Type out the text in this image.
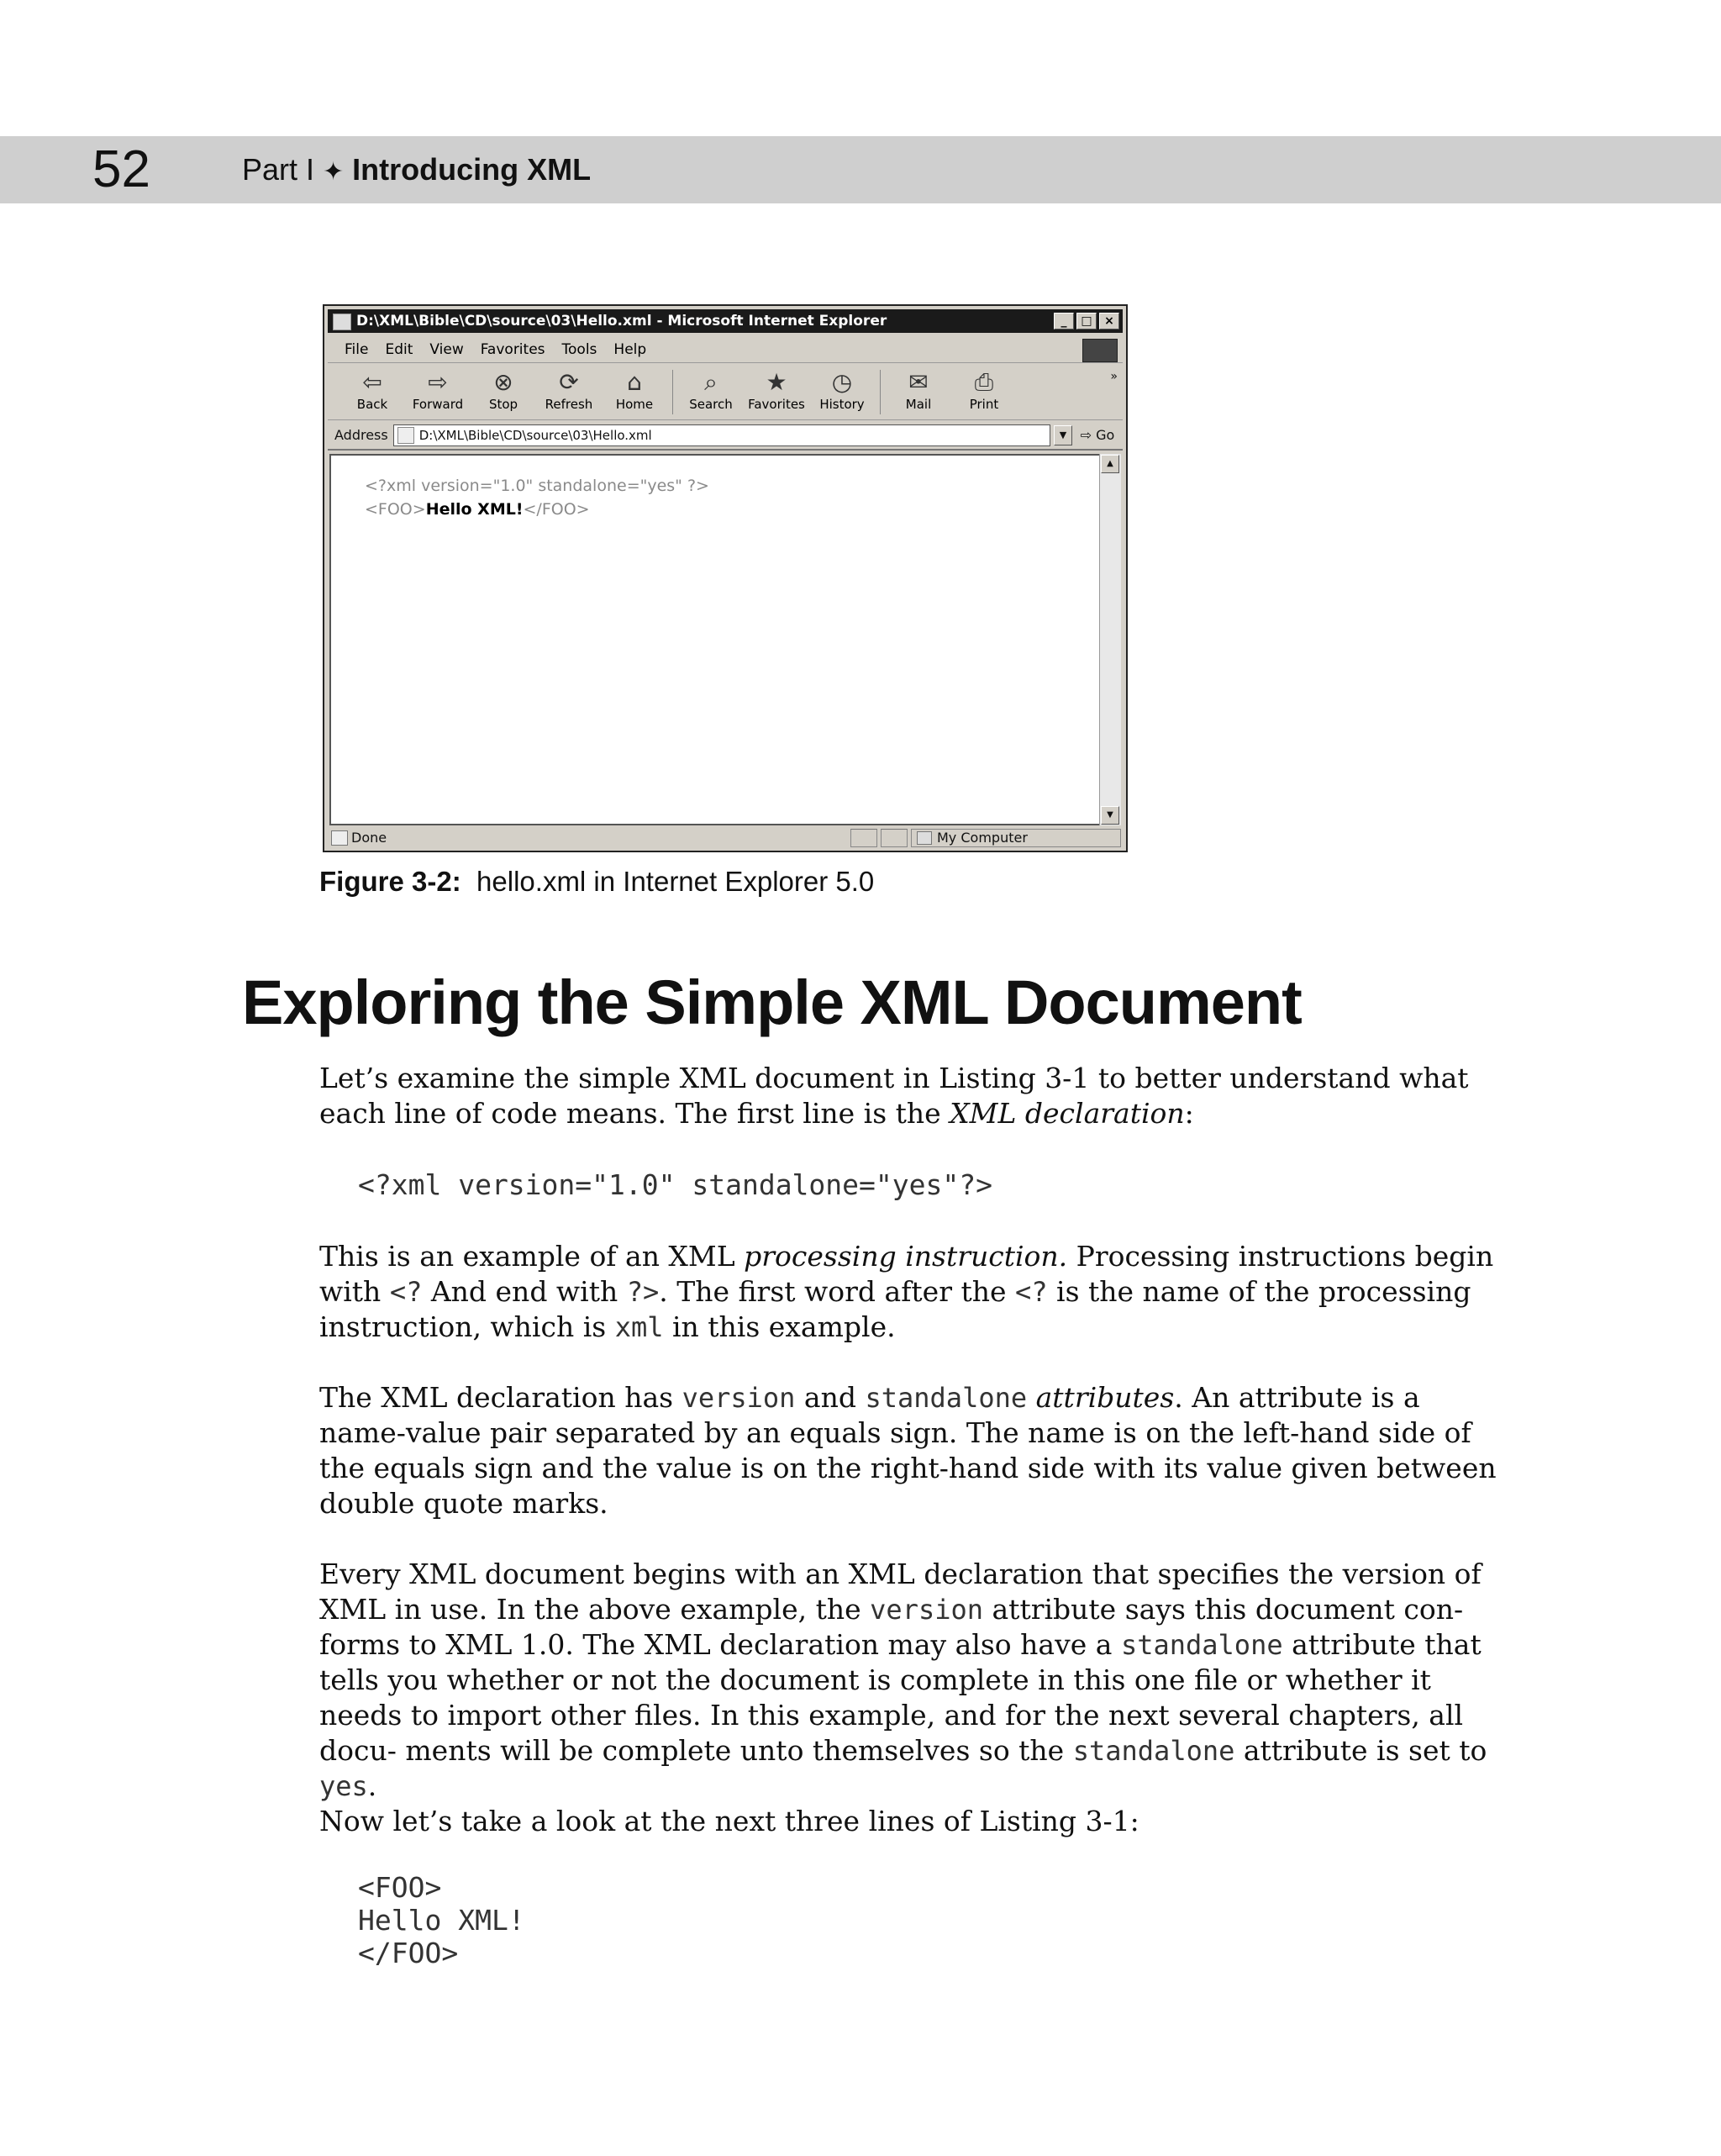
52	Part I ✦ Introducing XML
D:\XML\Bible\CD\source\03\Hello.xml - Microsoft Internet Explorer	_	□	×
File Edit View Favorites Tools Help
⇦
Back
⇨
Forward
⊗
Stop
⟳
Refresh
⌂
Home
⌕
Search
★
Favorites
◷
History
✉
Mail
⎙
Print
»
Address D:\XML\Bible\CD\source\03\Hello.xml	▼	⇨ Go
<?xml version="1.0" standalone="yes" ?>
<FOO>Hello XML!</FOO>
▲
▼
Done	My Computer
Figure 3-2: hello.xml in Internet Explorer 5.0
Exploring the Simple XML Document
Let’s examine the simple XML document in Listing 3-1 to better understand what each line of code means. The first line is the XML declaration:
<?xml version="1.0" standalone="yes"?>
This is an example of an XML processing instruction. Processing instructions begin with <? And end with ?>. The first word after the <? is the name of the processing instruction, which is xml in this example.
The XML declaration has version and standalone attributes. An attribute is a name-value pair separated by an equals sign. The name is on the left-hand side of the equals sign and the value is on the right-hand side with its value given between double quote marks.
Every XML document begins with an XML declaration that specifies the version of XML in use. In the above example, the version attribute says this document con- forms to XML 1.0. The XML declaration may also have a standalone attribute that tells you whether or not the document is complete in this one file or whether it needs to import other files. In this example, and for the next several chapters, all docu- ments will be complete unto themselves so the standalone attribute is set to yes.
Now let’s take a look at the next three lines of Listing 3-1:
<FOO>
Hello XML!
</FOO>
